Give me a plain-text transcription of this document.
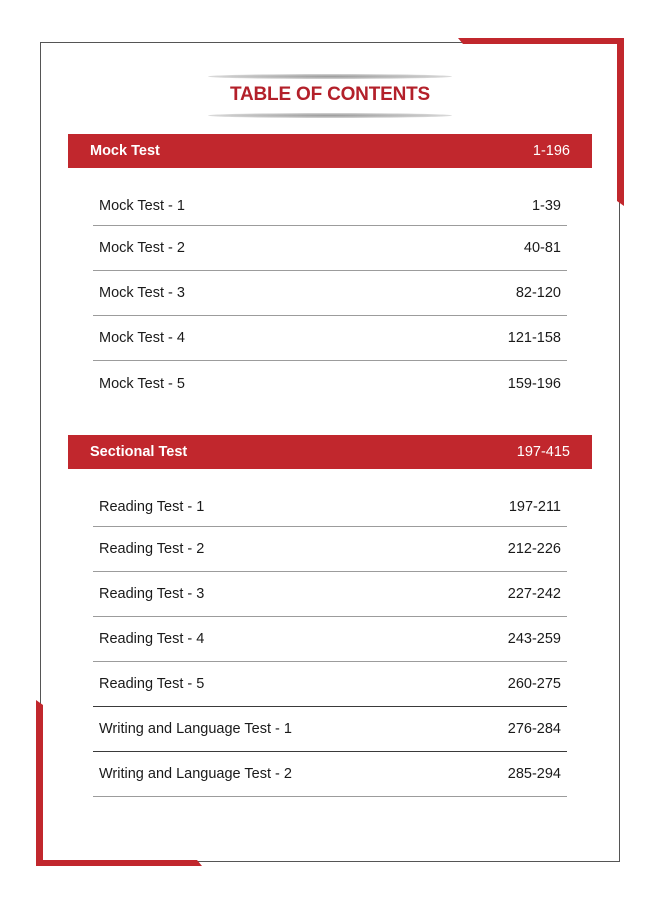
TABLE OF CONTENTS
Mock Test	1-196
Mock Test - 1	1-39
Mock Test - 2	40-81
Mock Test - 3	82-120
Mock Test - 4	121-158
Mock Test - 5	159-196
Sectional Test	197-415
Reading Test - 1	197-211
Reading Test - 2	212-226
Reading Test - 3	227-242
Reading Test - 4	243-259
Reading Test - 5	260-275
Writing and Language Test - 1	276-284
Writing and Language Test - 2	285-294
